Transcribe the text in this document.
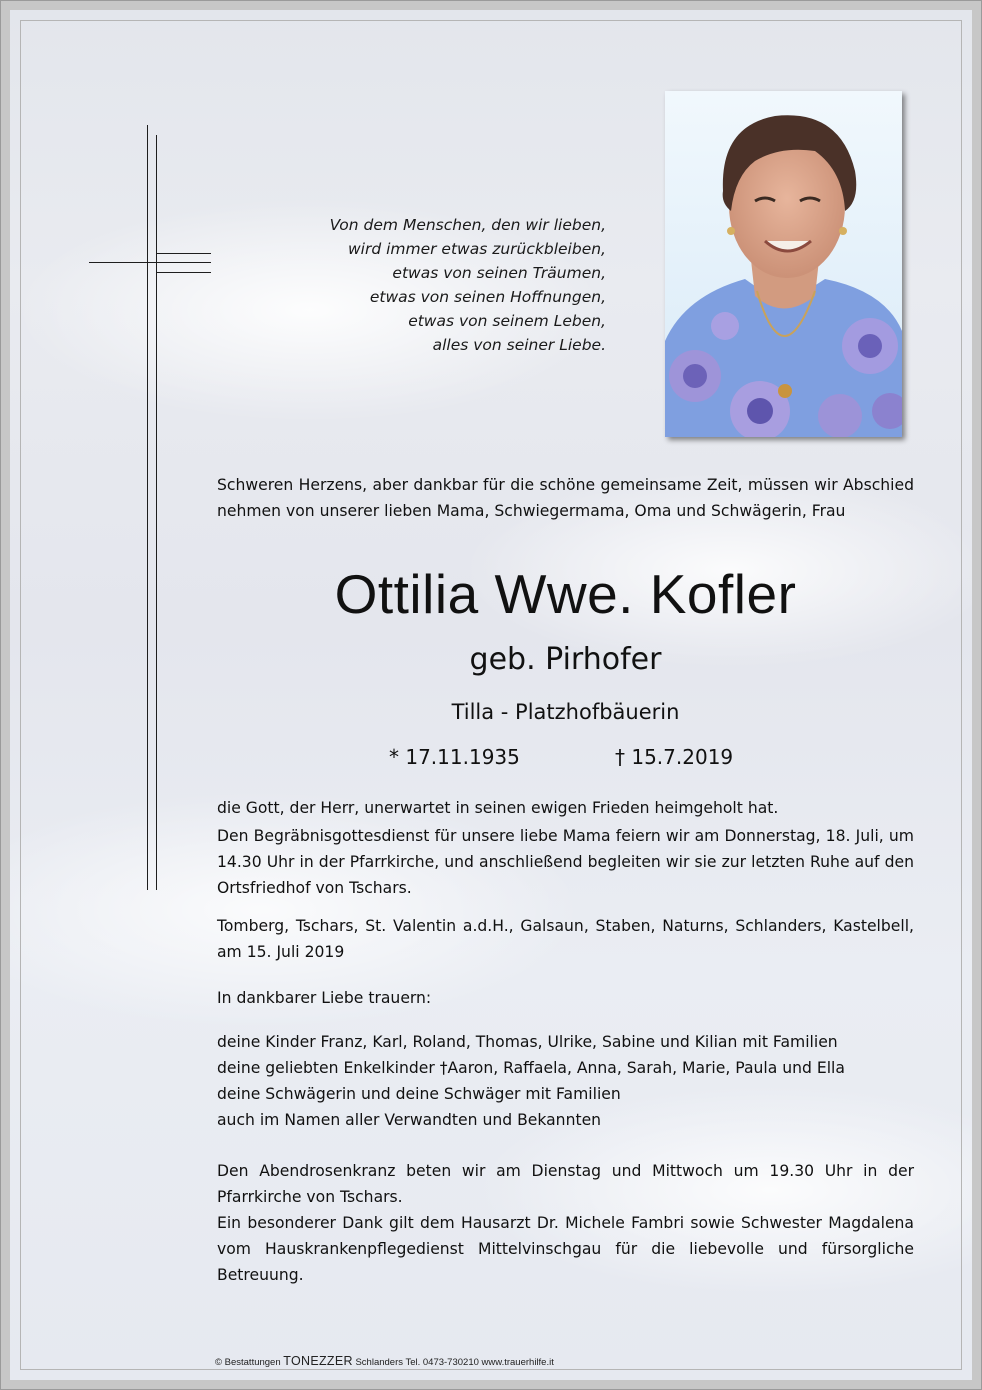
Von dem Menschen, den wir lieben,
wird immer etwas zurückbleiben,
etwas von seinen Träumen,
etwas von seinen Hoffnungen,
etwas von seinem Leben,
alles von seiner Liebe.

Schweren Herzens, aber dankbar für die schöne gemeinsame Zeit, müssen wir Abschied nehmen von unserer lieben Mama, Schwiegermama, Oma und Schwägerin, Frau

Ottilia Wwe. Kofler
geb. Pirhofer
Tilla - Platzhofbäuerin
* 17.11.1935	† 15.7.2019

die Gott, der Herr, unerwartet in seinen ewigen Frieden heimgeholt hat.

Den Begräbnisgottesdienst für unsere liebe Mama feiern wir am Donnerstag, 18. Juli, um 14.30 Uhr in der Pfarrkirche, und anschließend begleiten wir sie zur letzten Ruhe auf den Ortsfriedhof von Tschars.

Tomberg, Tschars, St. Valentin a.d.H., Galsaun, Staben, Naturns, Schlanders, Kastelbell, am 15. Juli 2019

In dankbarer Liebe trauern:

deine Kinder Franz, Karl, Roland, Thomas, Ulrike, Sabine und Kilian mit Familien

deine geliebten Enkelkinder †Aaron, Raffaela, Anna, Sarah, Marie, Paula und Ella

deine Schwägerin und deine Schwäger mit Familien

auch im Namen aller Verwandten und Bekannten

Den Abendrosenkranz beten wir am Dienstag und Mittwoch um 19.30 Uhr in der Pfarrkirche von Tschars.

Ein besonderer Dank gilt dem Hausarzt Dr. Michele Fambri sowie Schwester Magdalena vom Hauskrankenpflegedienst Mittelvinschgau für die liebevolle und fürsorgliche Betreuung.

© Bestattungen TONEZZER Schlanders Tel. 0473-730210 www.trauerhilfe.it
